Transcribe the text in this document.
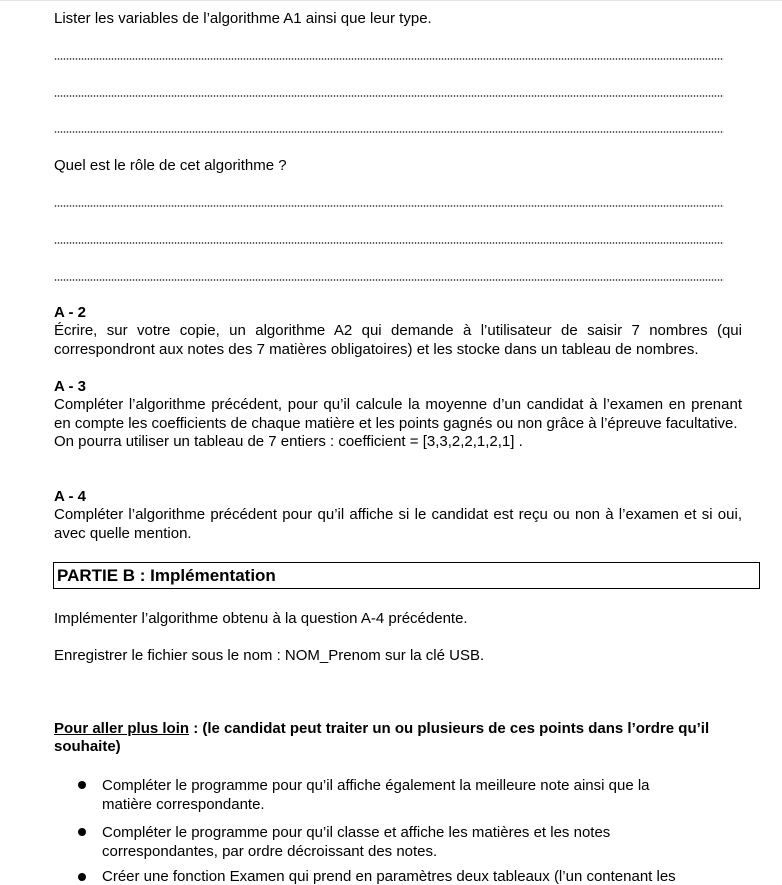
Lister les variables de l’algorithme A1 ainsi que leur type.
Quel est le rôle de cet algorithme ?
A - 2
Écrire, sur votre copie, un algorithme A2 qui demande à l’utilisateur de saisir 7 nombres (qui correspondront aux notes des 7 matières obligatoires) et les stocke dans un tableau de nombres.
A - 3
Compléter l’algorithme précédent, pour qu’il calcule la moyenne d’un candidat à l’examen en prenant en compte les coefficients de chaque matière et les points gagnés ou non grâce à l’épreuve facultative.
On pourra utiliser un tableau de 7 entiers : coefficient = [3,3,2,2,1,2,1] .
A - 4
Compléter l’algorithme précédent pour qu’il affiche si le candidat est reçu ou non à l’examen et si oui, avec quelle mention.
PARTIE B : Implémentation
Implémenter l’algorithme obtenu à la question A-4 précédente.
Enregistrer le fichier sous le nom : NOM_Prenom sur la clé USB.
Pour aller plus loin : (le candidat peut traiter un ou plusieurs de ces points dans l’ordre qu’il souhaite)
Compléter le programme pour qu’il affiche également la meilleure note ainsi que la matière correspondante.
Compléter le programme pour qu’il classe et affiche les matières et les notes correspondantes, par ordre décroissant des notes.
Créer une fonction Examen qui prend en paramètres deux tableaux (l’un contenant les
